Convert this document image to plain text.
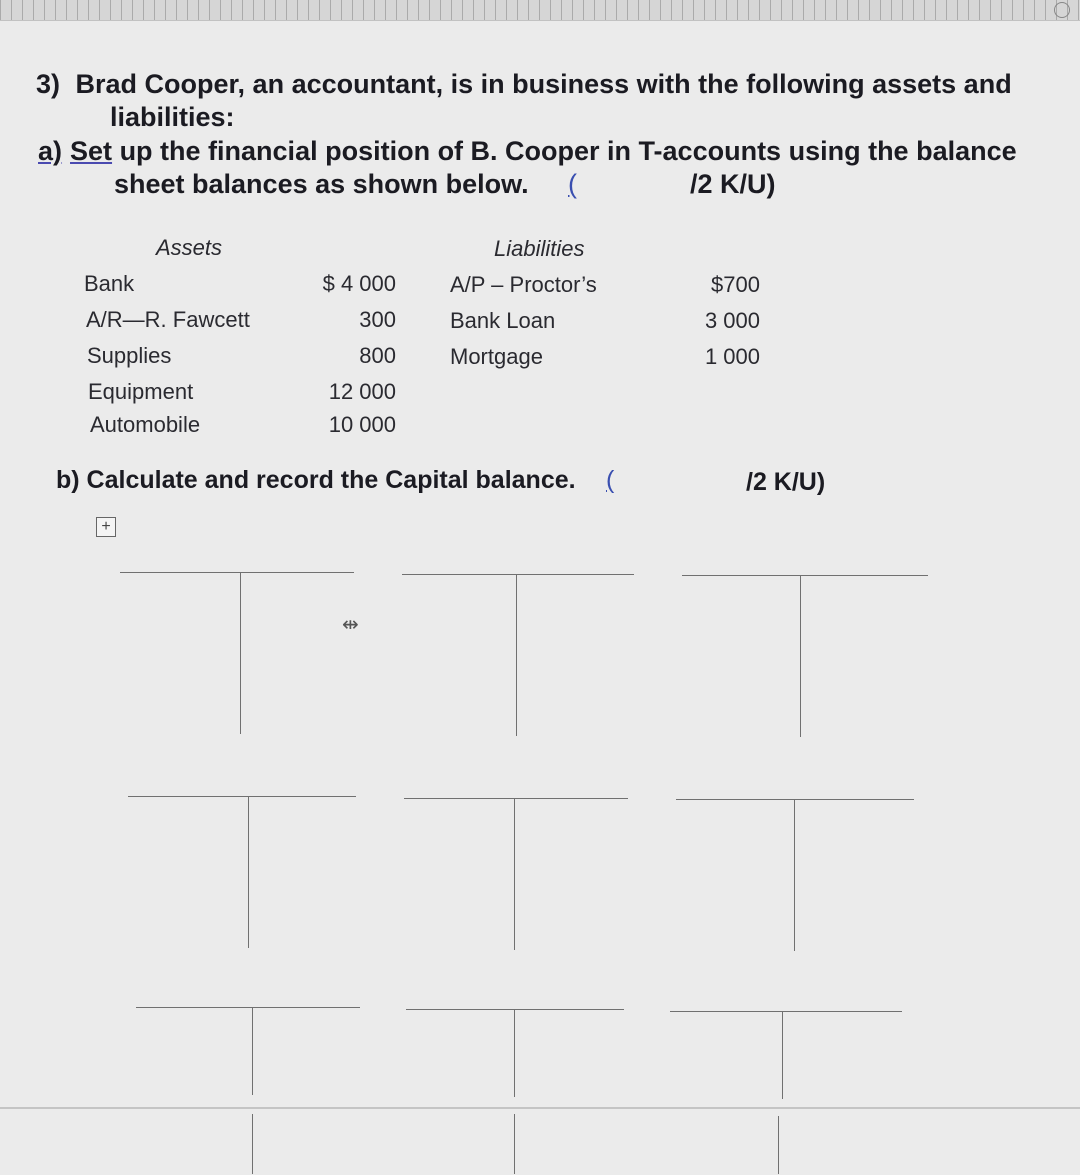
3) Brad Cooper, an accountant, is in business with the following assets and
liabilities:
a) Set up the financial position of B. Cooper in T-accounts using the balance
sheet balances as shown below. (	/2 K/U)
Assets	Liabilities
Bank	$ 4 000
A/R—R. Fawcett	300
Supplies	800
Equipment	12 000
Automobile	10 000
A/P – Proctor’s	$700
Bank Loan	3 000
Mortgage	1 000
b) Calculate and record the Capital balance. (	/2 K/U)
+
⇹
